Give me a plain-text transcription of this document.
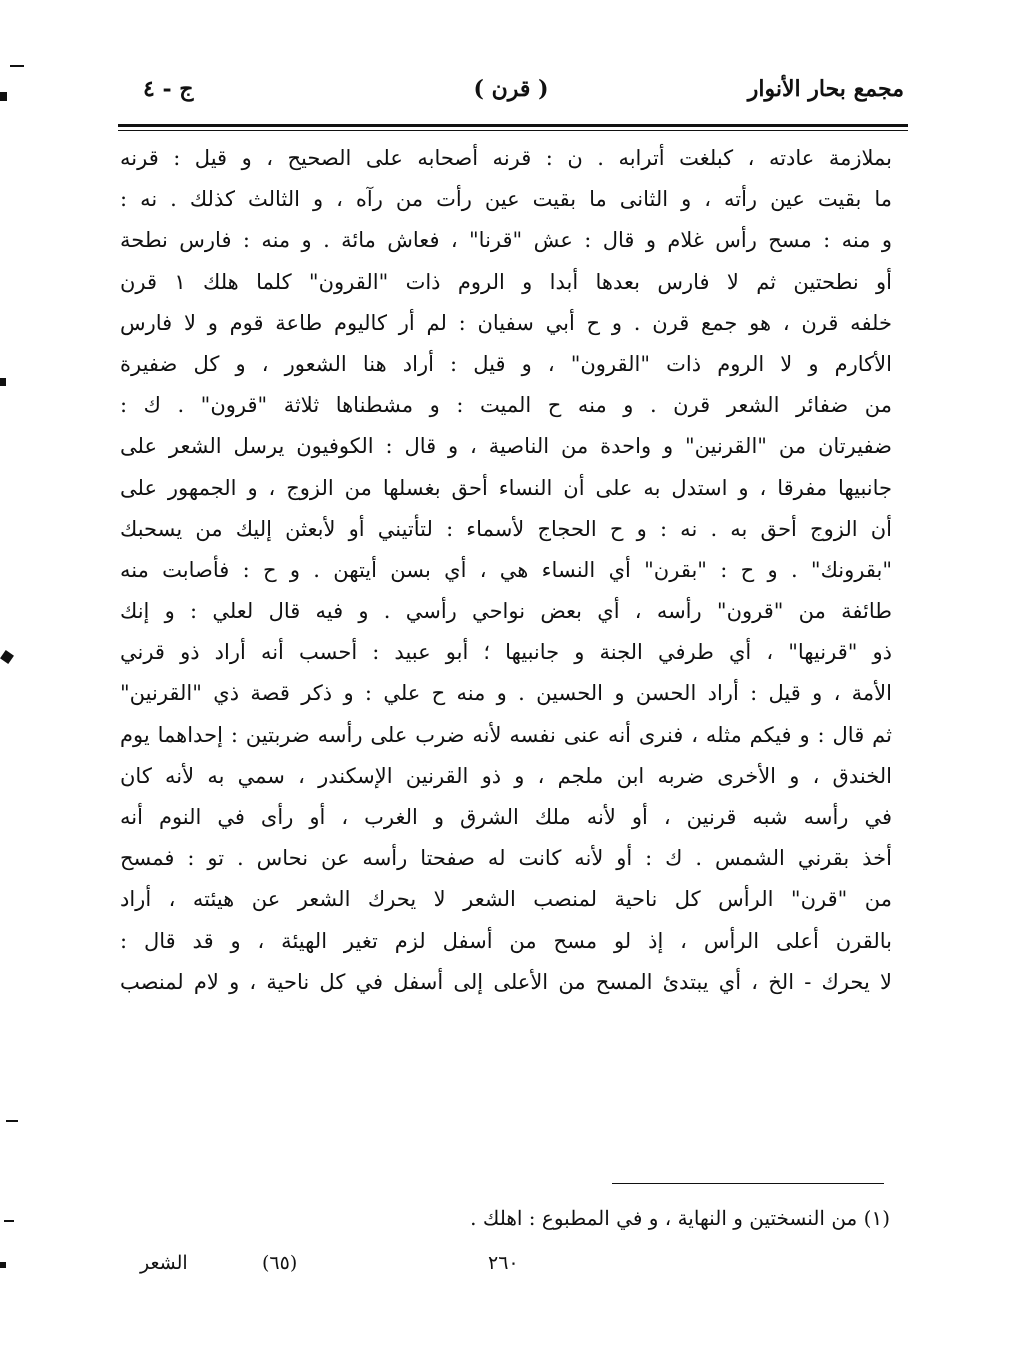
مجمع بحار الأنوار
( قرن )
ج - ٤
بملازمة عادته ، كبلغت أترابه . ن : قرنه أصحابه على الصحيح ، و قيل : قرنه
ما بقيت عين رأته ، و الثانى ما بقيت عين رأت من رآه ، و الثالث كذلك . نه :
و منه : مسح رأس غلام و قال : عش "قرنا" ، فعاش مائة . و منه : فارس نطحة
أو نطحتين ثم لا فارس بعدها أبدا و الروم ذات "القرون" كلما هلك ١ قرن
خلفه قرن ، هو جمع قرن . و ح أبي سفيان : لم أر كاليوم طاعة قوم و لا فارس
الأكارم و لا الروم ذات "القرون" ، و قيل : أراد هنا الشعور ، و كل ضفيرة
من ضفائر الشعر قرن . و منه ح الميت : و مشطناها ثلاثة "قرون" . ك :
ضفيرتان من "القرنين" و واحدة من الناصية ، و قال : الكوفيون يرسل الشعر على
جانبيها مفرقا ، و استدل به على أن النساء أحق بغسلها من الزوج ، و الجمهور على
أن الزوج أحق به . نه : و ح الحجاج لأسماء : لتأتيني أو لأبعثن إليك من يسحبك
"بقرونك" . و ح : "بقرن" أي النساء هي ، أي بسن أيتهن . و ح : فأصابت منه
طائفة من "قرون" رأسه ، أي بعض نواحي رأسي . و فيه قال لعلي : و إنك
ذو "قرنيها" ، أي طرفي الجنة و جانبيها ؛ أبو عبيد : أحسب أنه أراد ذو قرني
الأمة ، و قيل : أراد الحسن و الحسين . و منه ح علي : و ذكر قصة ذي "القرنين"
ثم قال : و فيكم مثله ، فنرى أنه عنى نفسه لأنه ضرب على رأسه ضربتين : إحداهما يوم
الخندق ، و الأخرى ضربه ابن ملجم ، و ذو القرنين الإسكندر ، سمي به لأنه كان
في رأسه شبه قرنين ، أو لأنه ملك الشرق و الغرب ، أو رأى في النوم أنه
أخذ بقرني الشمس . ك : أو لأنه كانت له صفحتا رأسه عن نحاس . تو : فمسح
من "قرن" الرأس كل ناحية لمنصب الشعر لا يحرك الشعر عن هيئته ، أراد
بالقرن أعلى الرأس ، إذ لو مسح من أسفل لزم تغير الهيئة ، و قد قال :
لا يحرك - الخ ، أي يبتدئ المسح من الأعلى إلى أسفل في كل ناحية ، و لام لمنصب
(١) من النسختين و النهاية ، و في المطبوع : اهلك .
٢٦٠
(٦٥)
الشعر
